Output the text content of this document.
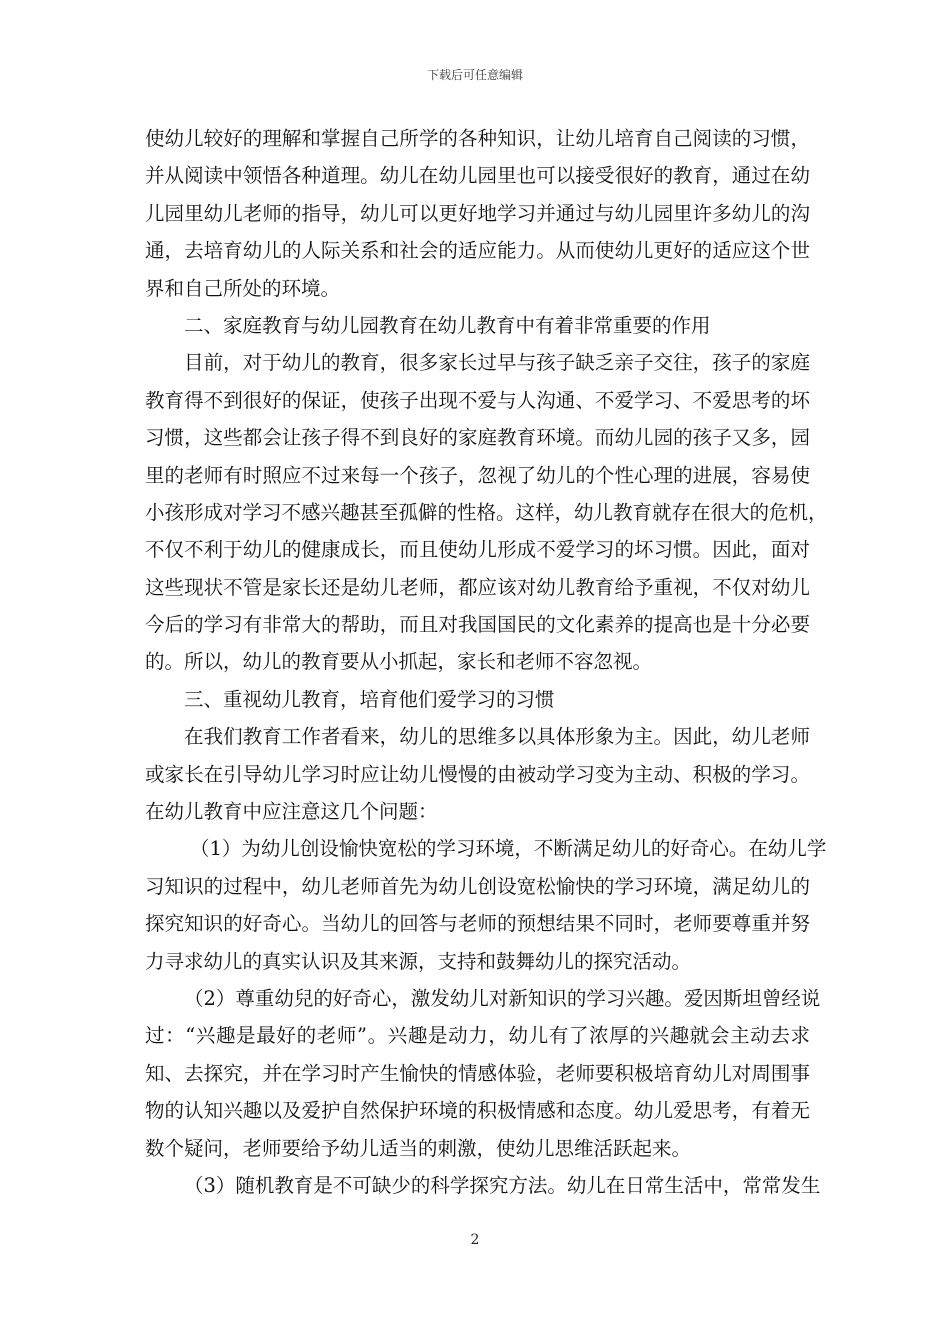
下载后可任意编辑
使幼儿较好的理解和掌握自己所学的各种知识，让幼儿培育自己阅读的习惯，
并从阅读中领悟各种道理。幼儿在幼儿园里也可以接受很好的教育，通过在幼
儿园里幼儿老师的指导，幼儿可以更好地学习并通过与幼儿园里许多幼儿的沟
通，去培育幼儿的人际关系和社会的适应能力。从而使幼儿更好的适应这个世
界和自己所处的环境。
二、家庭教育与幼儿园教育在幼儿教育中有着非常重要的作用
目前，对于幼儿的教育，很多家长过早与孩子缺乏亲子交往，孩子的家庭
教育得不到很好的保证，使孩子出现不爱与人沟通、不爱学习、不爱思考的坏
习惯，这些都会让孩子得不到良好的家庭教育环境。而幼儿园的孩子又多，园
里的老师有时照应不过来每一个孩子，忽视了幼儿的个性心理的进展，容易使
小孩形成对学习不感兴趣甚至孤僻的性格。这样，幼儿教育就存在很大的危机，
不仅不利于幼儿的健康成长，而且使幼儿形成不爱学习的坏习惯。因此，面对
这些现状不管是家长还是幼儿老师，都应该对幼儿教育给予重视，不仅对幼儿
今后的学习有非常大的帮助，而且对我国国民的文化素养的提高也是十分必要
的。所以，幼儿的教育要从小抓起，家长和老师不容忽视。
三、重视幼儿教育，培育他们爱学习的习惯
在我们教育工作者看来，幼儿的思维多以具体形象为主。因此，幼儿老师
或家长在引导幼儿学习时应让幼儿慢慢的由被动学习变为主动、积极的学习。
在幼儿教育中应注意这几个问题：
（1）为幼儿创设愉快宽松的学习环境，不断满足幼儿的好奇心。在幼儿学
习知识的过程中，幼儿老师首先为幼儿创设宽松愉快的学习环境，满足幼儿的
探究知识的好奇心。当幼儿的回答与老师的预想结果不同时，老师要尊重并努
力寻求幼儿的真实认识及其来源，支持和鼓舞幼儿的探究活动。
（2）尊重幼兒的好奇心，激发幼儿对新知识的学习兴趣。爱因斯坦曾经说
过：“兴趣是最好的老师”。兴趣是动力，幼儿有了浓厚的兴趣就会主动去求
知、去探究，并在学习时产生愉快的情感体验，老师要积极培育幼儿对周围事
物的认知兴趣以及爱护自然保护环境的积极情感和态度。幼儿爱思考，有着无
数个疑问，老师要给予幼儿适当的刺激，使幼儿思维活跃起来。
（3）随机教育是不可缺少的科学探究方法。幼儿在日常生活中，常常发生
2
